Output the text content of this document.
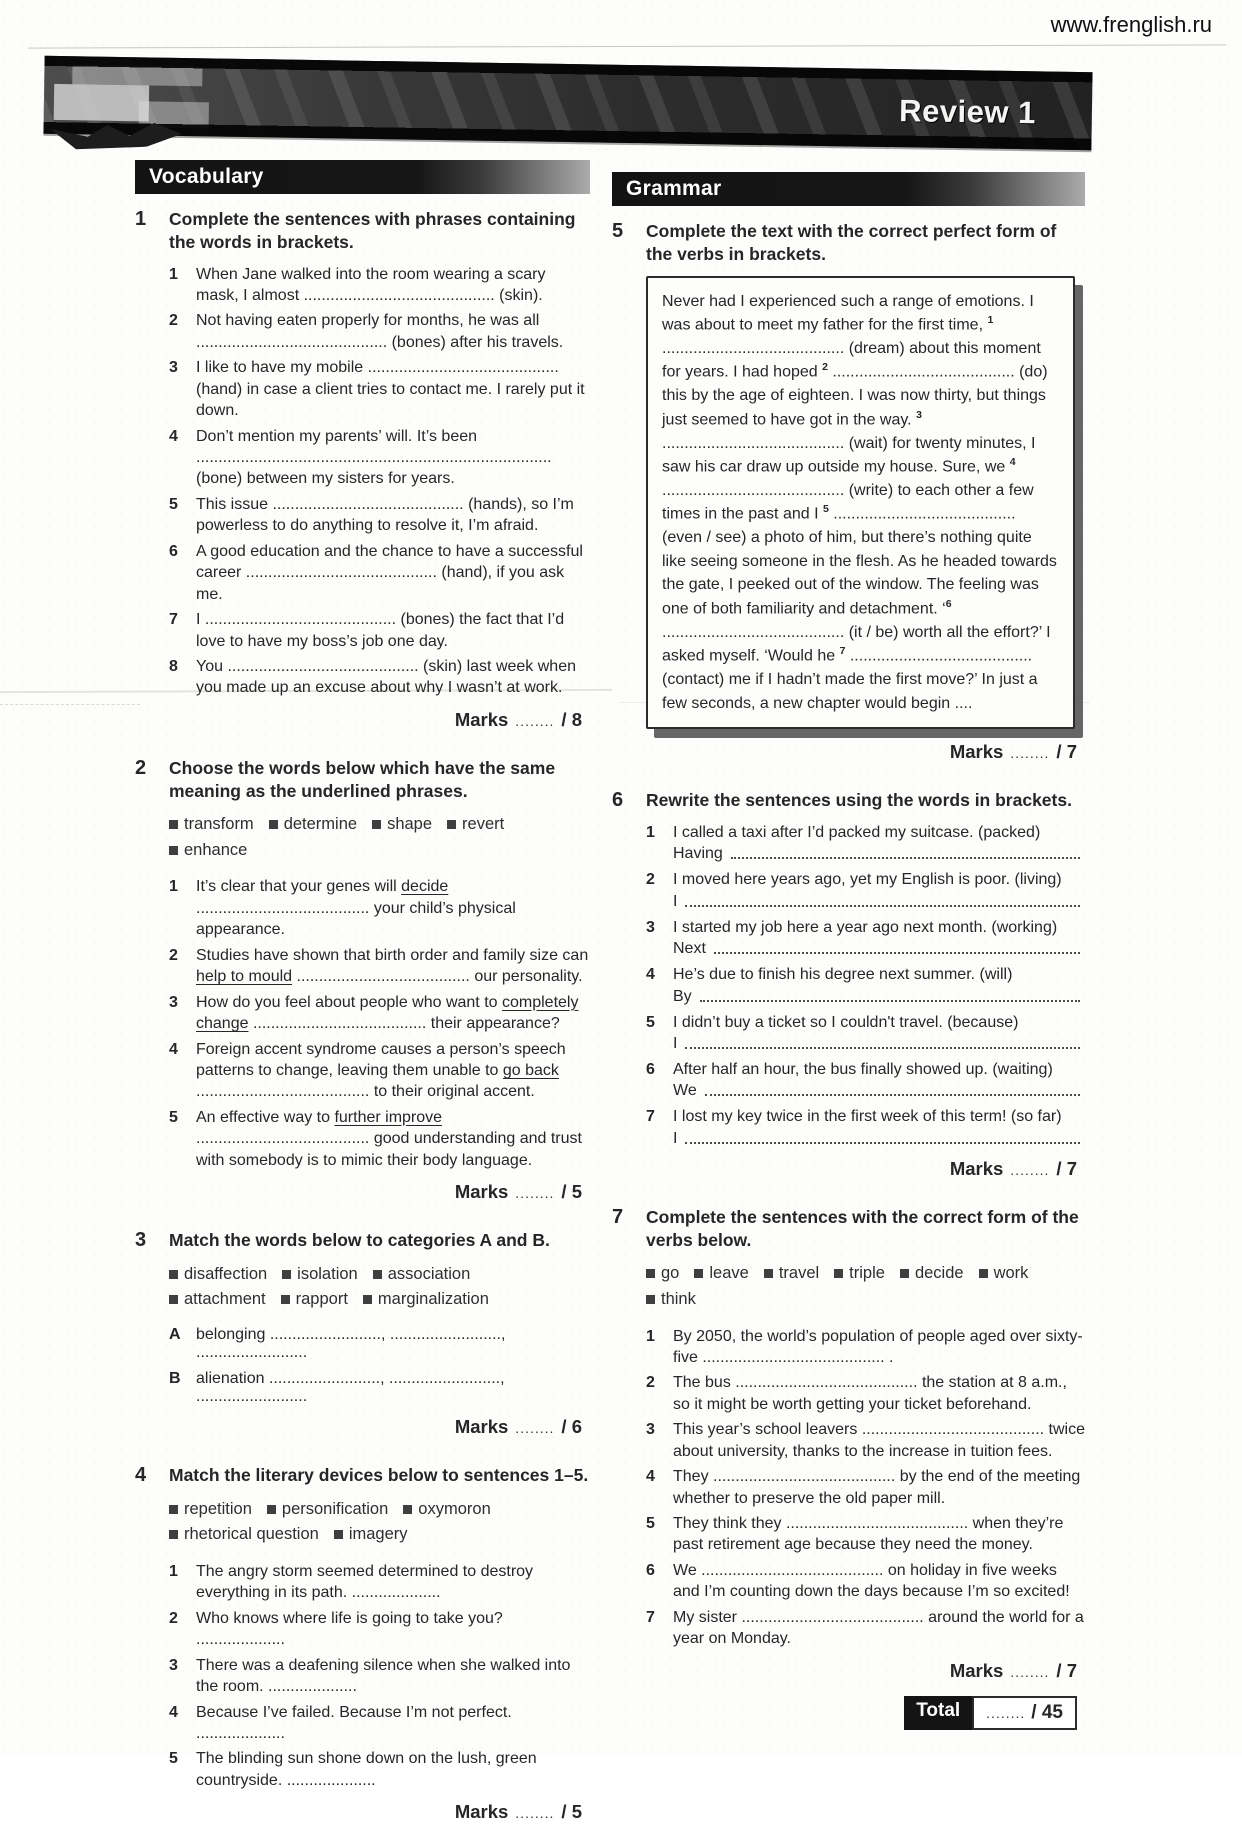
www.frenglish.ru
Review 1
Vocabulary
1	Complete the sentences with phrases containing the words in brackets.
1	When Jane walked into the room wearing a scary mask, I almost ........................................... (skin).
2	Not having eaten properly for months, he was all ........................................... (bones) after his travels.
3	I like to have my mobile ........................................... (hand) in case a client tries to contact me. I rarely put it down.
4	Don’t mention my parents’ will. It’s been ................................................................................ (bone) between my sisters for years.
5	This issue ........................................... (hands), so I’m powerless to do anything to resolve it, I’m afraid.
6	A good education and the chance to have a successful career ........................................... (hand), if you ask me.
7	I ........................................... (bones) the fact that I’d love to have my boss’s job one day.
8	You ........................................... (skin) last week when you made up an excuse about why I wasn’t at work.
Marks ........ / 8
2	Choose the words below which have the same meaning as the underlined phrases.
transform determine shape revertenhance
1	It’s clear that your genes will decide ....................................... your child’s physical appearance.
2	Studies have shown that birth order and family size can help to mould ....................................... our personality.
3	How do you feel about people who want to completely change ....................................... their appearance?
4	Foreign accent syndrome causes a person’s speech patterns to change, leaving them unable to go back ....................................... to their original accent.
5	An effective way to further improve ....................................... good understanding and trust with somebody is to mimic their body language.
Marks ........ / 5
3	Match the words below to categories A and B.
disaffection isolation associationattachment rapport marginalization
A belonging ........................., ........................., .........................
B alienation ........................., ........................., .........................
Marks ........ / 6
4	Match the literary devices below to sentences 1–5.
repetition personification oxymoronrhetorical question imagery
1	The angry storm seemed determined to destroy everything in its path. ....................
2	Who knows where life is going to take you? ....................
3	There was a deafening silence when she walked into the room. ....................
4	Because I’ve failed. Because I’m not perfect. ....................
5	The blinding sun shone down on the lush, green countryside. ....................
Marks ........ / 5
Grammar
5	Complete the text with the correct perfect form of the verbs in brackets.

Never had I experienced such a range of emotions. I was about to meet my father for the first time, $^1$ ......................................... (dream) about this moment for years. I had hoped $^2$ ......................................... (do) this by the age of eighteen. I was now thirty, but things just seemed to have got in the way. $^3$ ......................................... (wait) for twenty minutes, I saw his car draw up outside my house. Sure, we $^4$ ......................................... (write) to each other a few times in the past and I $^5$ ......................................... (even / see) a photo of him, but there’s nothing quite like seeing someone in the flesh. As he headed towards the gate, I peeked out of the window. The feeling was one of both familiarity and detachment. ‘$^6$ ......................................... (it / be) worth all the effort?’ I asked myself. ‘Would he $^7$ ......................................... (contact) me if I hadn’t made the first move?’ In just a few seconds, a new chapter would begin ....

Marks ........ / 7
6	Rewrite the sentences using the words in brackets.
1	I called a taxi after I’d packed my suitcase. (packed)
Having
2	I moved here years ago, yet my English is poor. (living)
I
3	I started my job here a year ago next month. (working)
Next
4	He’s due to finish his degree next summer. (will)
By
5	I didn’t buy a ticket so I couldn't travel. (because)
I
6	After half an hour, the bus finally showed up. (waiting)
We
7	I lost my key twice in the first week of this term! (so far)
I
Marks ........ / 7
7	Complete the sentences with the correct form of the verbs below.
go leave travel triple decide workthink
1	By 2050, the world’s population of people aged over sixty-five ......................................... .
2	The bus ......................................... the station at 8 a.m., so it might be worth getting your ticket beforehand.
3	This year’s school leavers ......................................... twice about university, thanks to the increase in tuition fees.
4	They ......................................... by the end of the meeting whether to preserve the old paper mill.
5	They think they ......................................... when they’re past retirement age because they need the money.
6	We ......................................... on holiday in five weeks and I’m counting down the days because I’m so excited!
7	My sister ......................................... around the world for a year on Monday.
Marks ........ / 7
Total	........ / 45
